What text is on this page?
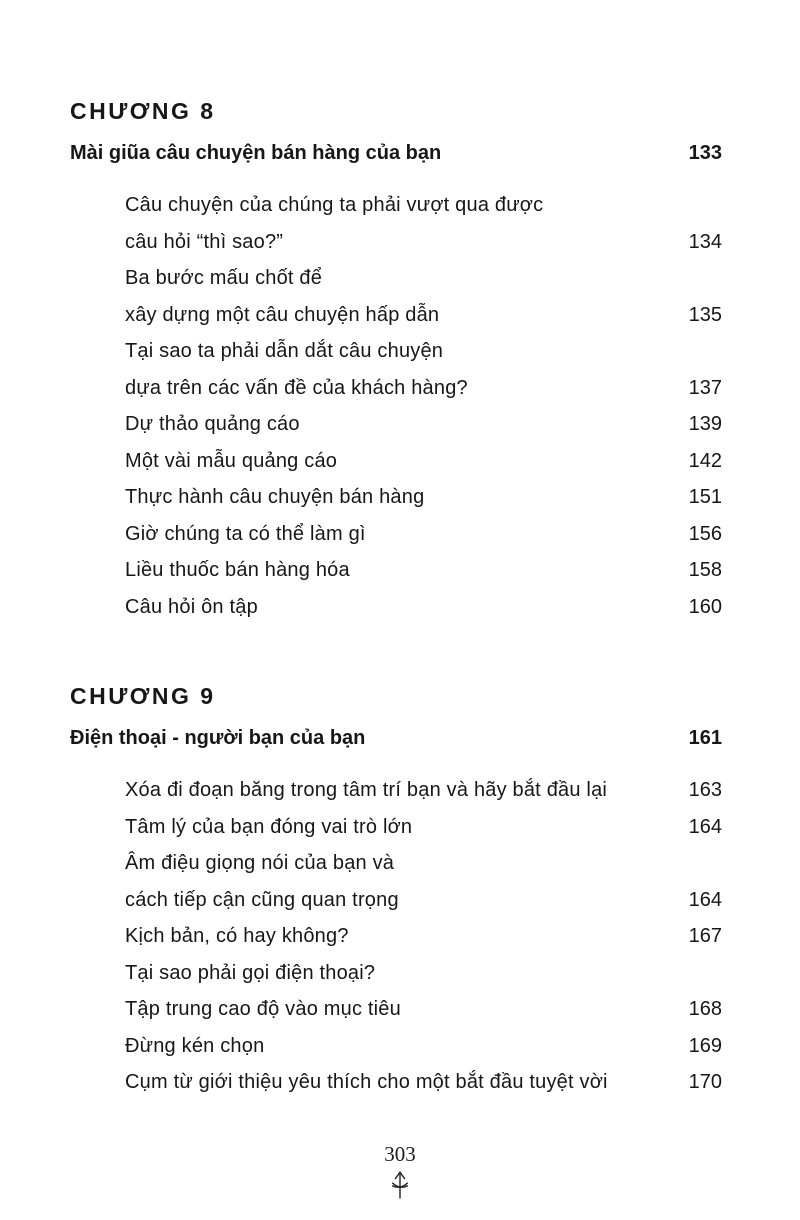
CHƯƠNG 8
Mài giũa câu chuyện bán hàng của bạn	133
Câu chuyện của chúng ta phải vượt qua được
câu hỏi “thì sao?”	134
Ba bước mấu chốt để
xây dựng một câu chuyện hấp dẫn	135
Tại sao ta phải dẫn dắt câu chuyện
dựa trên các vấn đề của khách hàng?	137
Dự thảo quảng cáo	139
Một vài mẫu quảng cáo	142
Thực hành câu chuyện bán hàng	151
Giờ chúng ta có thể làm gì	156
Liều thuốc bán hàng hóa	158
Câu hỏi ôn tập	160
CHƯƠNG 9
Điện thoại - người bạn của bạn	161
Xóa đi đoạn băng trong tâm trí bạn và hãy bắt đầu lại	163
Tâm lý của bạn đóng vai trò lớn	164
Âm điệu giọng nói của bạn và
cách tiếp cận cũng quan trọng	164
Kịch bản, có hay không?	167
Tại sao phải gọi điện thoại?
Tập trung cao độ vào mục tiêu	168
Đừng kén chọn	169
Cụm từ giới thiệu yêu thích cho một bắt đầu tuyệt vời	170
303
